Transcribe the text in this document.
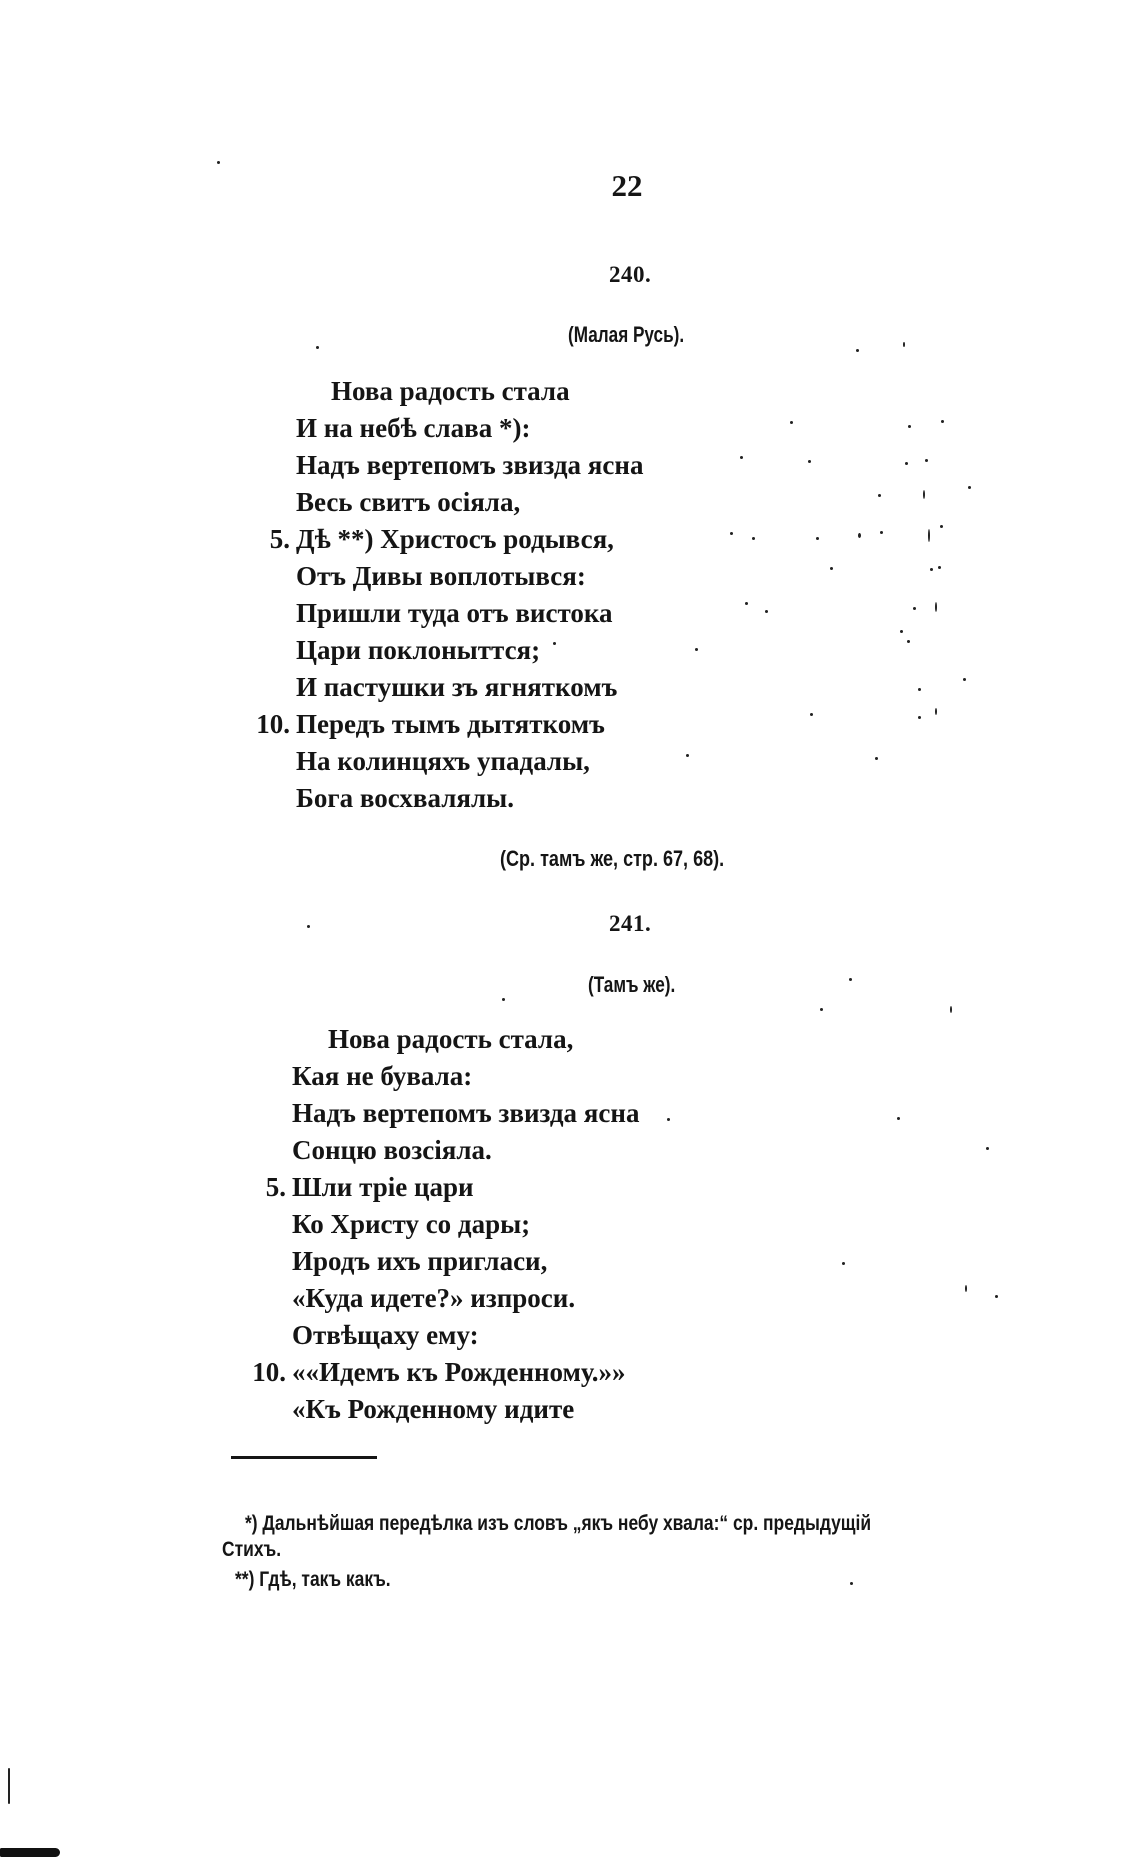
22
240.
(Малая Русь).
Нова радость стала
И на небѣ слава *):
Надъ вертепомъ звизда ясна
Весь свитъ осіяла,
5. Дѣ **) Христосъ родывся,
Отъ Дивы воплотывся:
Пришли туда отъ вистока
Цари поклоныттся;
И пастушки зъ ягняткомъ
10. Передъ тымъ дытяткомъ
На колинцяхъ упадалы,
Бога восхвалялы.
(Ср. тамъ же, стр. 67, 68).
241.
(Тамъ же).
Нова радость стала,
Кая не бувала:
Надъ вертепомъ звизда ясна
Сонцю возсіяла.
5. Шли тріе цари
Ко Христу со дары;
Иродъ ихъ пригласи,
«Куда идете?» изпроси.
Отвѣщаху ему:
10. ««Идемъ къ Рожденному.»»
«Къ Рожденному идите
*) Дальнѣйшая передѣлка изъ словъ „якъ небу хвала:“ ср. предыдущій
Стихъ.
**) Гдѣ, такъ какъ.
